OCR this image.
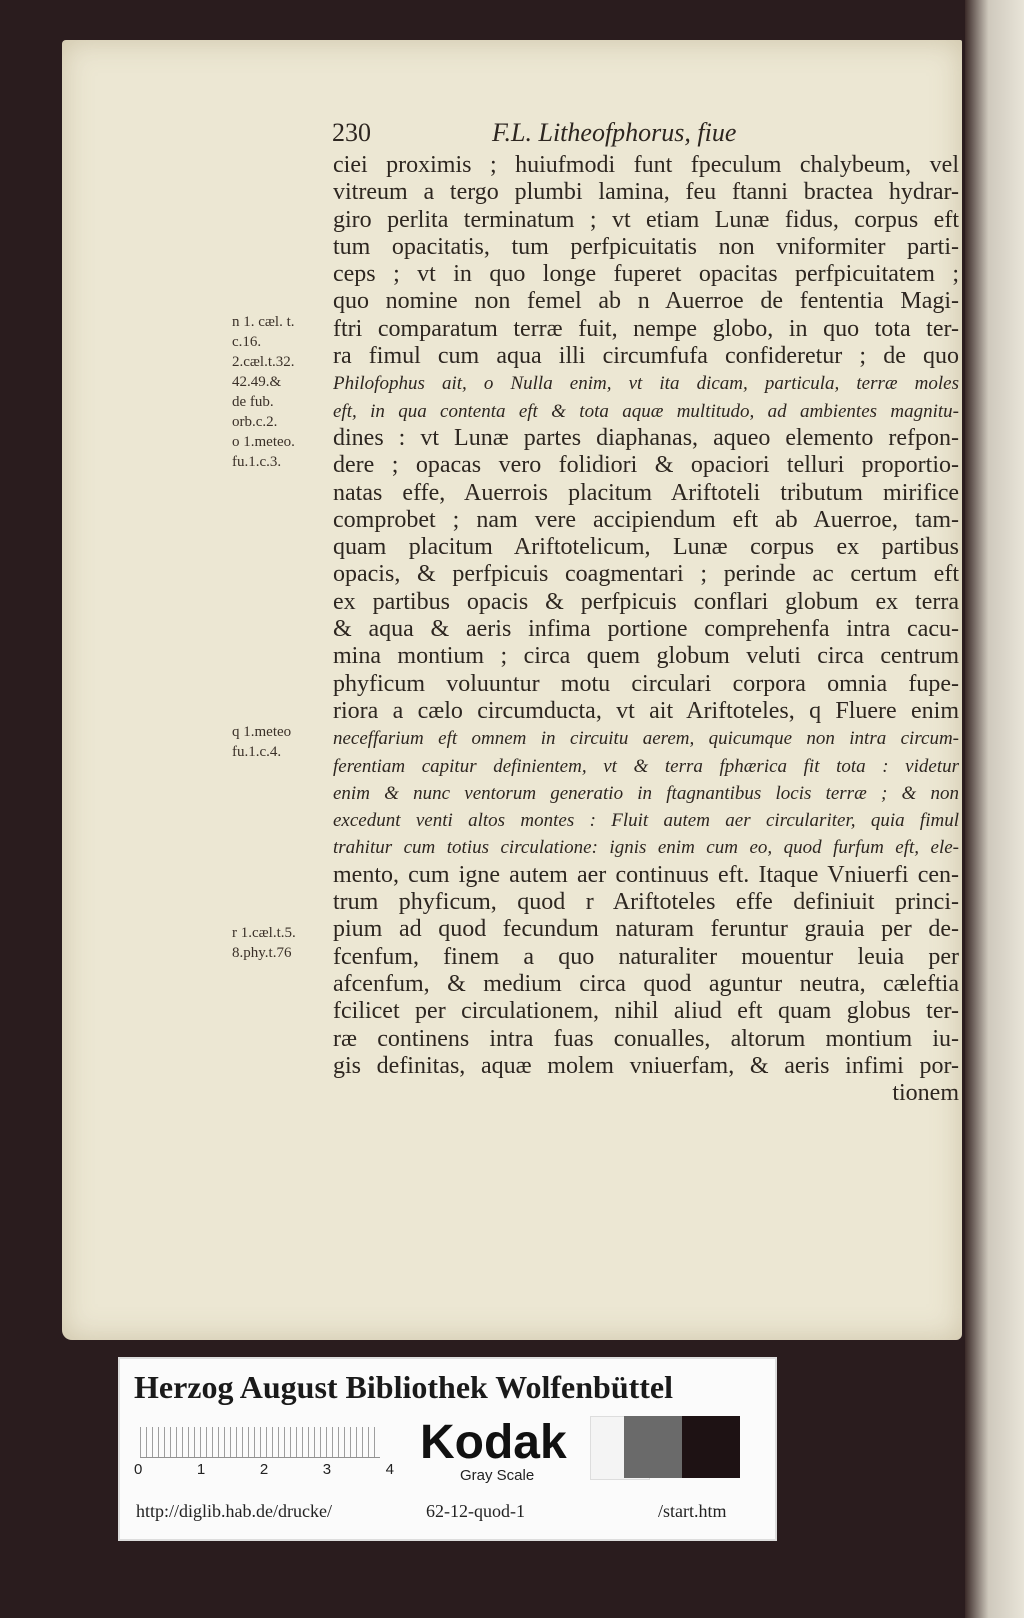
230	F.L. Litheofphorus, fiue
ciei proximis ; huiufmodi funt fpeculum chalybeum, vel
vitreum a tergo plumbi lamina, feu ftanni bractea hydrar-
giro perlita terminatum ; vt etiam Lunæ fidus, corpus eft
tum opacitatis, tum perfpicuitatis non vniformiter parti-
ceps ; vt in quo longe fuperet opacitas perfpicuitatem ;
quo nomine non femel ab n Auerroe de fententia Magi-
ftri comparatum terræ fuit, nempe globo, in quo tota ter-
ra fimul cum aqua illi circumfufa confideretur ; de quo
Philofophus ait, o Nulla enim, vt ita dicam, particula, terræ moles
eft, in qua contenta eft & tota aquæ multitudo, ad ambientes magnitu-
dines : vt Lunæ partes diaphanas, aqueo elemento refpon-
dere ; opacas vero folidiori & opaciori telluri proportio-
natas effe, Auerrois placitum Ariftoteli tributum mirifice
comprobet ; nam vere accipiendum eft ab Auerroe, tam-
quam placitum Ariftotelicum, Lunæ corpus ex partibus
opacis, & perfpicuis coagmentari ; perinde ac certum eft
ex partibus opacis & perfpicuis conflari globum ex terra
& aqua & aeris infima portione comprehenfa intra cacu-
mina montium ; circa quem globum veluti circa centrum
phyficum voluuntur motu circulari corpora omnia fupe-
riora a cælo circumducta, vt ait Ariftoteles, q Fluere enim
neceffarium eft omnem in circuitu aerem, quicumque non intra circum-
ferentiam capitur definientem, vt & terra fphærica fit tota : videtur
enim & nunc ventorum generatio in ftagnantibus locis terræ ; & non
excedunt venti altos montes : Fluit autem aer circulariter, quia fimul
trahitur cum totius circulatione: ignis enim cum eo, quod furfum eft, ele-
mento, cum igne autem aer continuus eft. Itaque Vniuerfi cen-
trum phyficum, quod r Ariftoteles effe definiuit princi-
pium ad quod fecundum naturam feruntur grauia per de-
fcenfum, finem a quo naturaliter mouentur leuia per
afcenfum, & medium circa quod aguntur neutra, cæleftia
fcilicet per circulationem, nihil aliud eft quam globus ter-
ræ continens intra fuas conualles, altorum montium iu-
gis definitas, aquæ molem vniuerfam, & aeris infimi por-
tionem
n 1. cæl. t.
c.16.
2.cæl.t.32.
42.49.&
de fub.
orb.c.2.
o 1.meteo.
fu.1.c.3.
q 1.meteo
fu.1.c.4.
r 1.cæl.t.5.
8.phy.t.76
Herzog August Bibliothek Wolfenbüttel
0	1	2	3	4
Kodak
Gray Scale
http://diglib.hab.de/drucke/	62-12-quod-1	/start.htm
